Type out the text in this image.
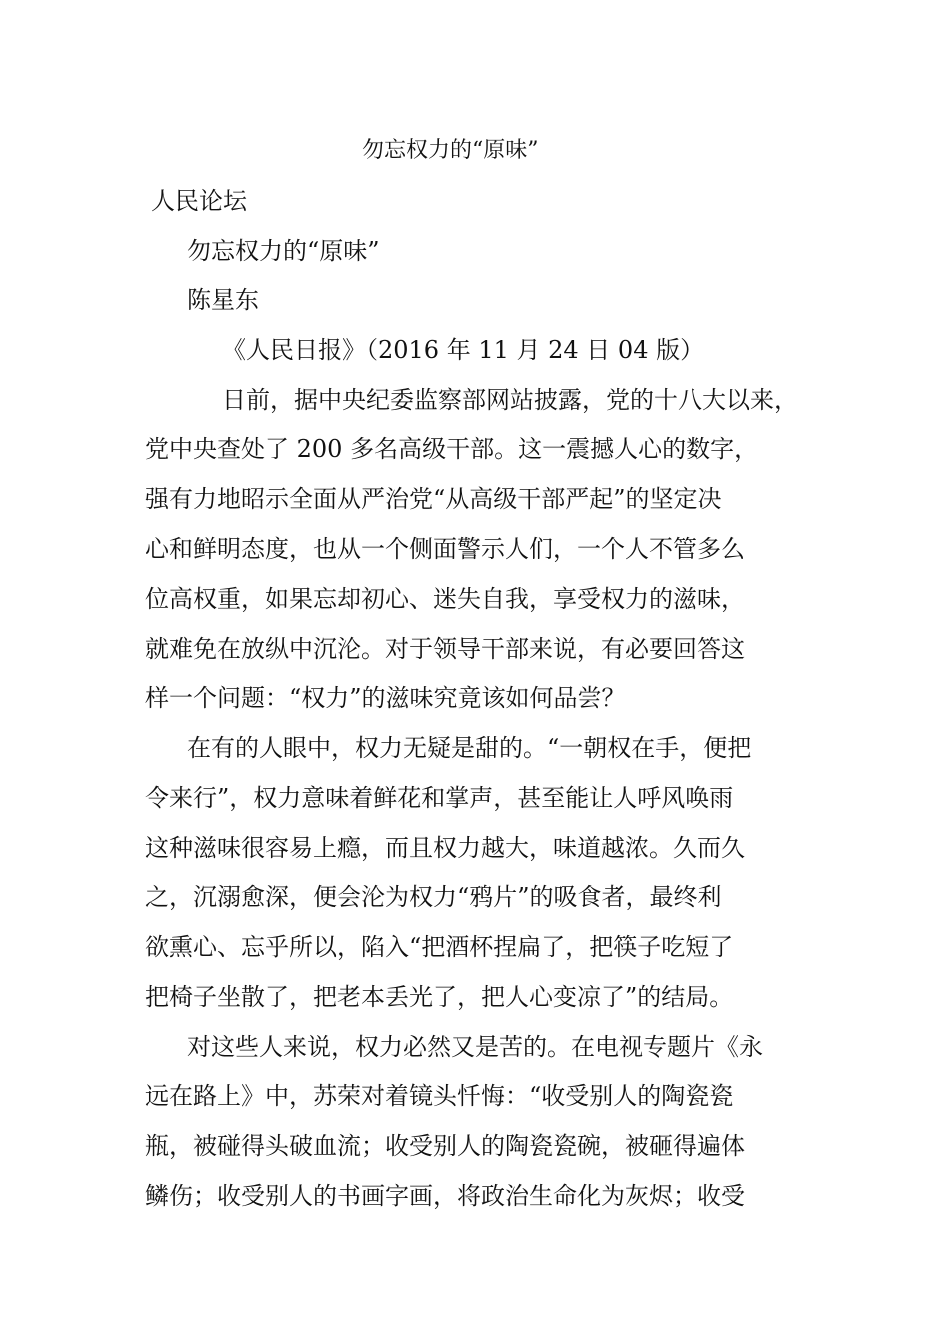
勿忘权力的“原味”
人民论坛
勿忘权力的“原味”
陈星东
《人民日报》（2016 年 11 月 24 日 04 版）
日前，据中央纪委监察部网站披露，党的十八大以来，
党中央查处了 200 多名高级干部。这一震撼人心的数字，
强有力地昭示全面从严治党“从高级干部严起”的坚定决
心和鲜明态度，也从一个侧面警示人们，一个人不管多么
位高权重，如果忘却初心、迷失自我，享受权力的滋味，
就难免在放纵中沉沦。对于领导干部来说，有必要回答这
样一个问题：“权力”的滋味究竟该如何品尝？
在有的人眼中，权力无疑是甜的。“一朝权在手，便把
令来行”，权力意味着鲜花和掌声，甚至能让人呼风唤雨
这种滋味很容易上瘾，而且权力越大，味道越浓。久而久
之，沉溺愈深，便会沦为权力“鸦片”的吸食者，最终利
欲熏心、忘乎所以，陷入“把酒杯捏扁了，把筷子吃短了
把椅子坐散了，把老本丢光了，把人心变凉了”的结局。
对这些人来说，权力必然又是苦的。在电视专题片《永
远在路上》中，苏荣对着镜头忏悔：“收受别人的陶瓷瓷
瓶，被碰得头破血流；收受别人的陶瓷瓷碗，被砸得遍体
鳞伤；收受别人的书画字画，将政治生命化为灰烬；收受
